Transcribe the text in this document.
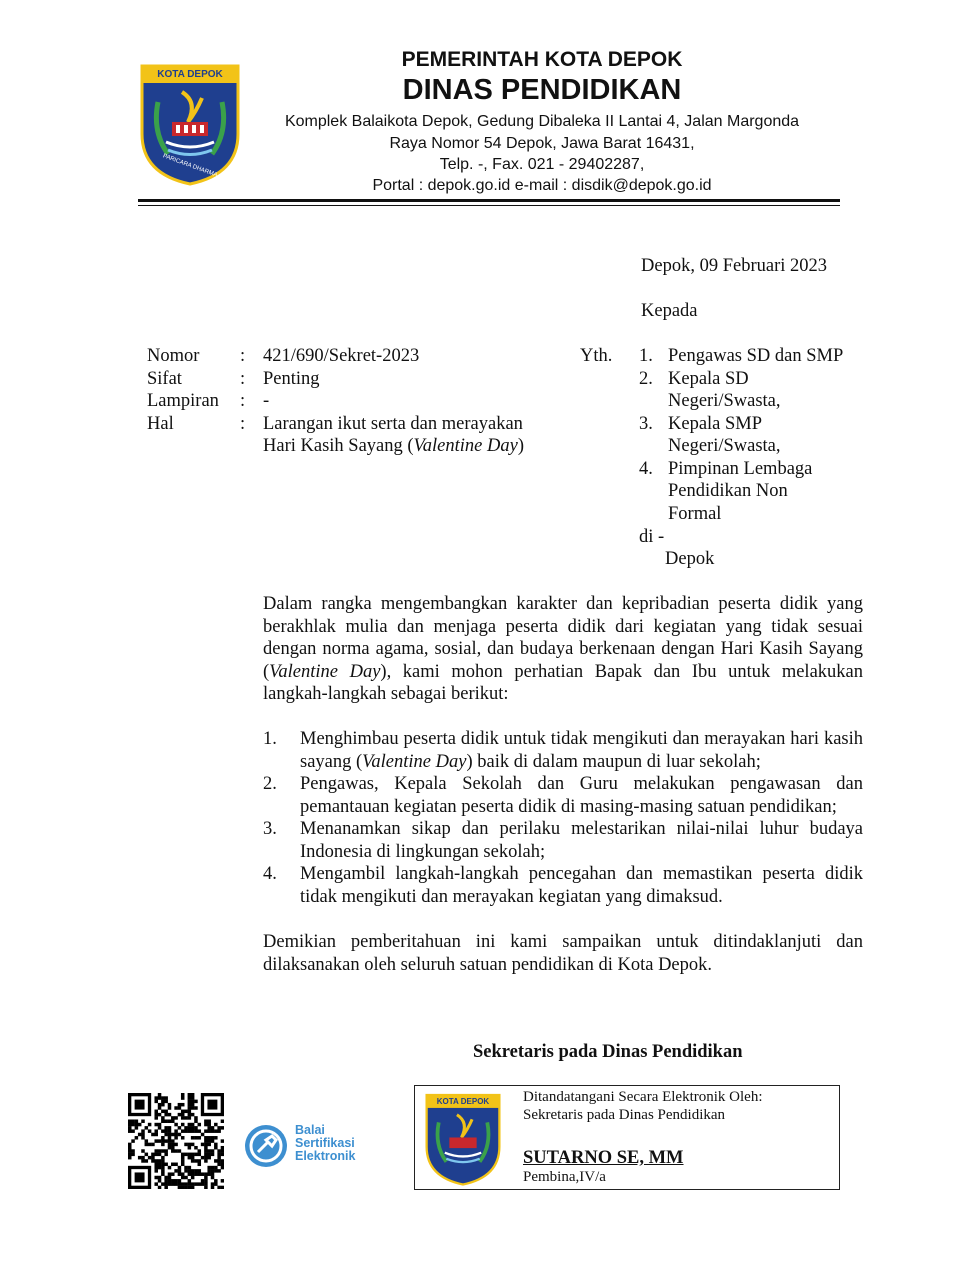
KOTA DEPOK
PARICARA DHARMA
PEMERINTAH KOTA DEPOK
DINAS PENDIDIKAN
Komplek Balaikota Depok, Gedung Dibaleka II Lantai 4, Jalan Margonda
Raya Nomor 54 Depok, Jawa Barat 16431,
Telp. -, Fax. 021 - 29402287,
Portal : depok.go.id e-mail : disdik@depok.go.id
Depok, 09 Februari 2023
Kepada
Yth. 1. Pengawas SD dan SMP
2. Kepala SD
Negeri/Swasta,
3. Kepala SMP
Negeri/Swasta,
4. Pimpinan Lembaga
Pendidikan Non
Formal
di -
Depok
Nomor : 421/690/Sekret-2023
Sifat	: Penting
Lampiran : -
Hal	: Larangan ikut serta dan merayakan
Hari Kasih Sayang (Valentine Day)
Dalam rangka mengembangkan karakter dan kepribadian peserta didik yang berakhlak mulia dan menjaga peserta didik dari kegiatan yang tidak sesuai dengan norma agama, sosial, dan budaya berkenaan dengan Hari Kasih Sayang (Valentine Day), kami mohon perhatian Bapak dan Ibu untuk melakukan langkah-langkah sebagai berikut:
1. Menghimbau peserta didik untuk tidak mengikuti dan merayakan hari kasih sayang (Valentine Day) baik di dalam maupun di luar sekolah;
2. Pengawas, Kepala Sekolah dan Guru melakukan pengawasan dan pemantauan kegiatan peserta didik di masing-masing satuan pendidikan;
3. Menanamkan sikap dan perilaku melestarikan nilai-nilai luhur budaya Indonesia di lingkungan sekolah;
4. Mengambil langkah-langkah pencegahan dan memastikan peserta didik tidak mengikuti dan merayakan kegiatan yang dimaksud.
Demikian pemberitahuan ini kami sampaikan untuk ditindaklanjuti dan dilaksanakan oleh seluruh satuan pendidikan di Kota Depok.
Sekretaris pada Dinas Pendidikan
KOTA DEPOK	Ditandatangani Secara Elektronik Oleh:
Sekretaris pada Dinas Pendidikan
SUTARNO SE, MM
Pembina,IV/a
Balai
Sertifikasi
Elektronik
